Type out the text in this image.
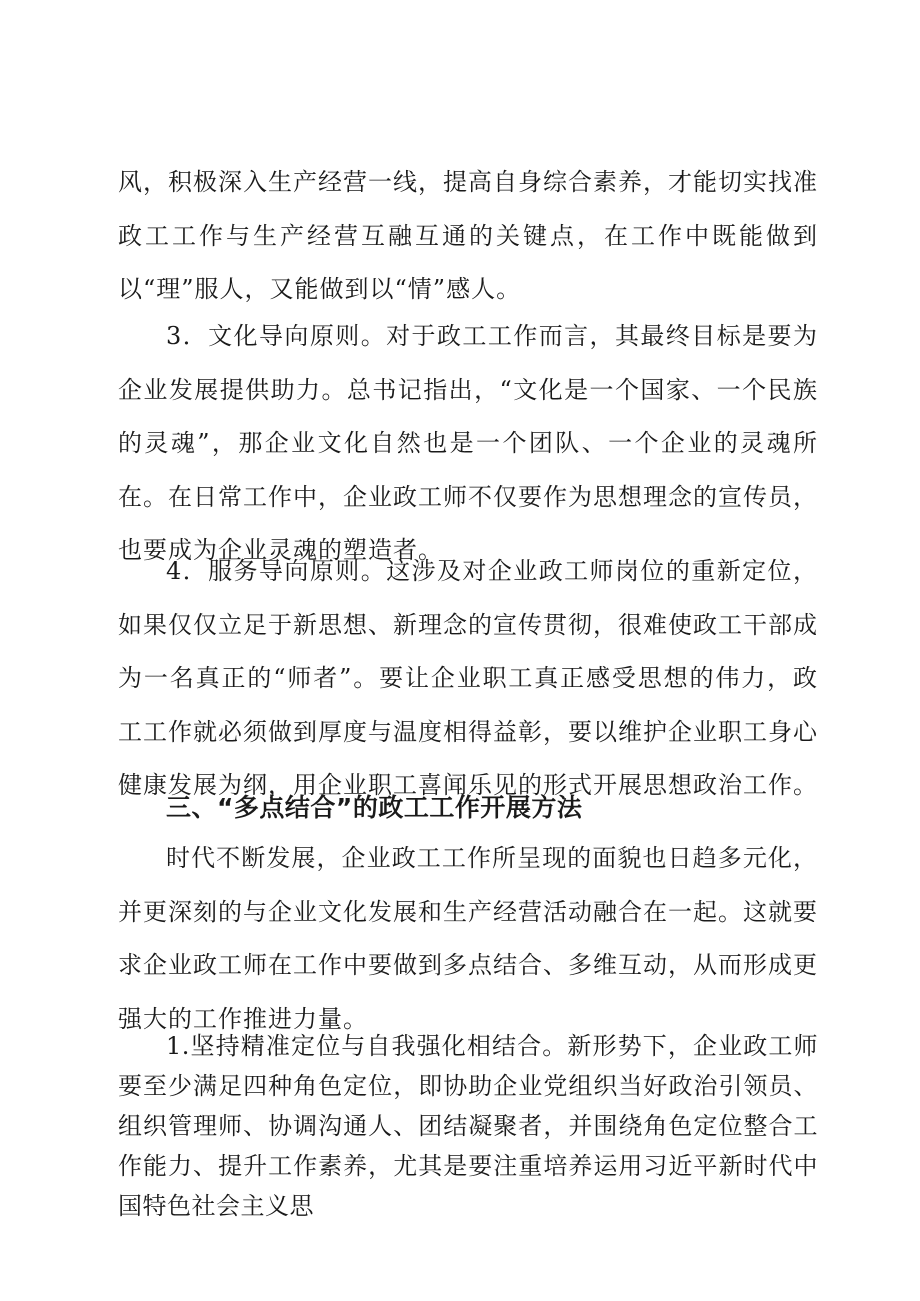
风，积极深入生产经营一线，提高自身综合素养，才能切实找准政工工作与生产经营互融互通的关键点，在工作中既能做到以“理”服人，又能做到以“情”感人。

3．文化导向原则。对于政工工作而言，其最终目标是要为企业发展提供助力。总书记指出，“文化是一个国家、一个民族的灵魂”，那企业文化自然也是一个团队、一个企业的灵魂所在。在日常工作中，企业政工师不仅要作为思想理念的宣传员，也要成为企业灵魂的塑造者。

4．服务导向原则。这涉及对企业政工师岗位的重新定位，如果仅仅立足于新思想、新理念的宣传贯彻，很难使政工干部成为一名真正的“师者”。要让企业职工真正感受思想的伟力，政工工作就必须做到厚度与温度相得益彰，要以维护企业职工身心健康发展为纲，用企业职工喜闻乐见的形式开展思想政治工作。

三、“多点结合”的政工工作开展方法

时代不断发展，企业政工工作所呈现的面貌也日趋多元化，并更深刻的与企业文化发展和生产经营活动融合在一起。这就要求企业政工师在工作中要做到多点结合、多维互动，从而形成更强大的工作推进力量。

1.坚持精准定位与自我强化相结合。新形势下，企业政工师要至少满足四种角色定位，即协助企业党组织当好政治引领员、组织管理师、协调沟通人、团结凝聚者，并围绕角色定位整合工作能力、提升工作素养，尤其是要注重培养运用习近平新时代中国特色社会主义思
